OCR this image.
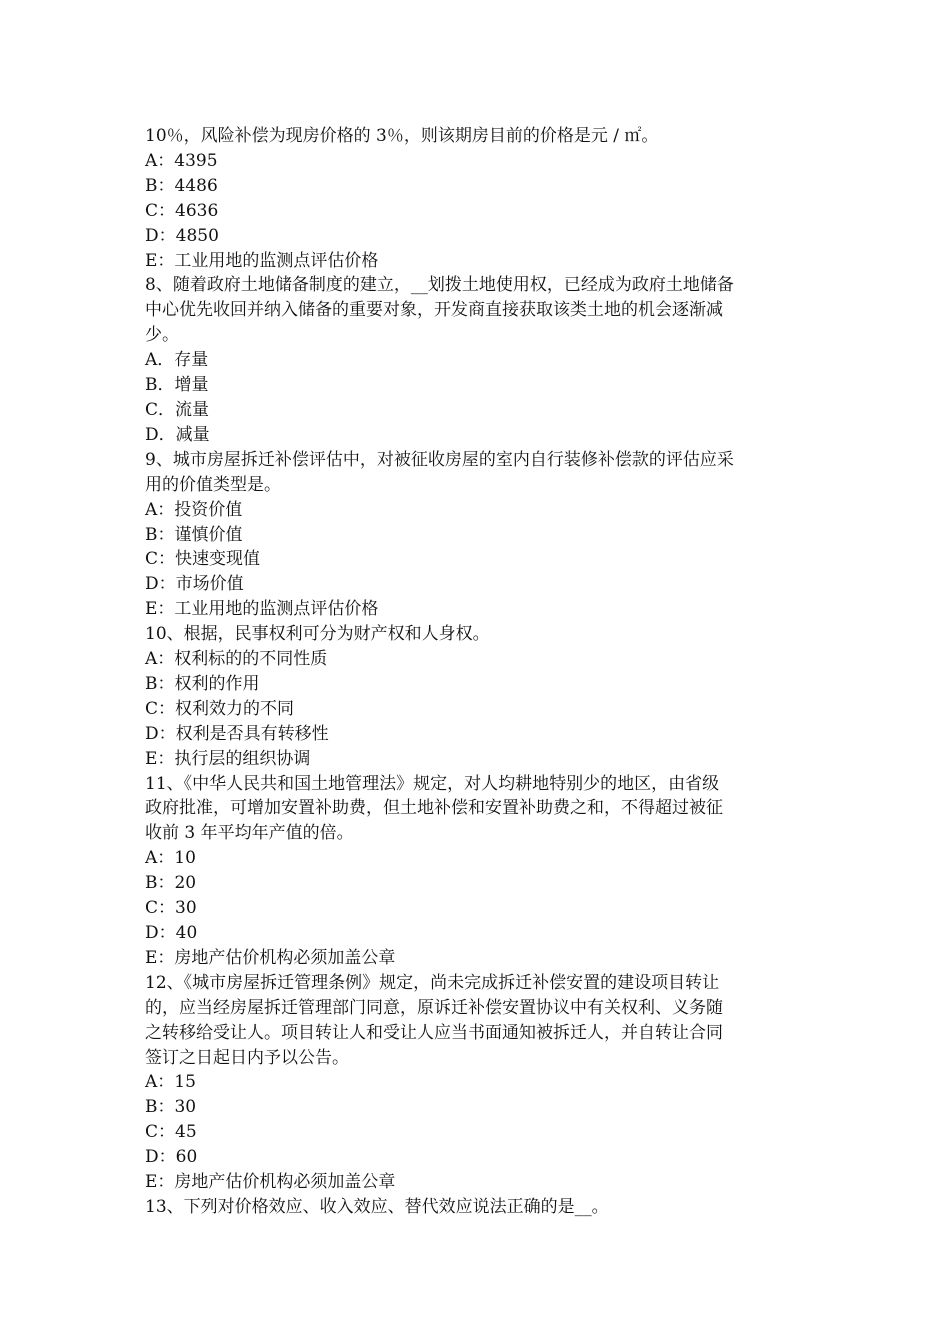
10％，风险补偿为现房价格的 3％，则该期房目前的价格是元 / ㎡。

A：4395

B：4486

C：4636

D：4850

E：工业用地的监测点评估价格

8、随着政府土地储备制度的建立，__划拨土地使用权，已经成为政府土地储备

中心优先收回并纳入储备的重要对象，开发商直接获取该类土地的机会逐渐减

少。

A．存量

B．增量

C．流量

D．减量

9、城市房屋拆迁补偿评估中，对被征收房屋的室内自行装修补偿款的评估应采

用的价值类型是。

A：投资价值

B：谨慎价值

C：快速变现值

D：市场价值

E：工业用地的监测点评估价格

10、根据，民事权利可分为财产权和人身权。

A：权利标的的不同性质

B：权利的作用

C：权利效力的不同

D：权利是否具有转移性

E：执行层的组织协调

11、《中华人民共和国土地管理法》规定，对人均耕地特别少的地区，由省级

政府批准，可增加安置补助费，但土地补偿和安置补助费之和，不得超过被征

收前 3 年平均年产值的倍。

A：10

B：20

C：30

D：40

E：房地产估价机构必须加盖公章

12、《城市房屋拆迁管理条例》规定，尚未完成拆迁补偿安置的建设项目转让

的，应当经房屋拆迁管理部门同意，原诉迁补偿安置协议中有关权利、义务随

之转移给受让人。项目转让人和受让人应当书面通知被拆迁人，并自转让合同

签订之日起日内予以公告。

A：15

B：30

C：45

D：60

E：房地产估价机构必须加盖公章

13、下列对价格效应、收入效应、替代效应说法正确的是__。
